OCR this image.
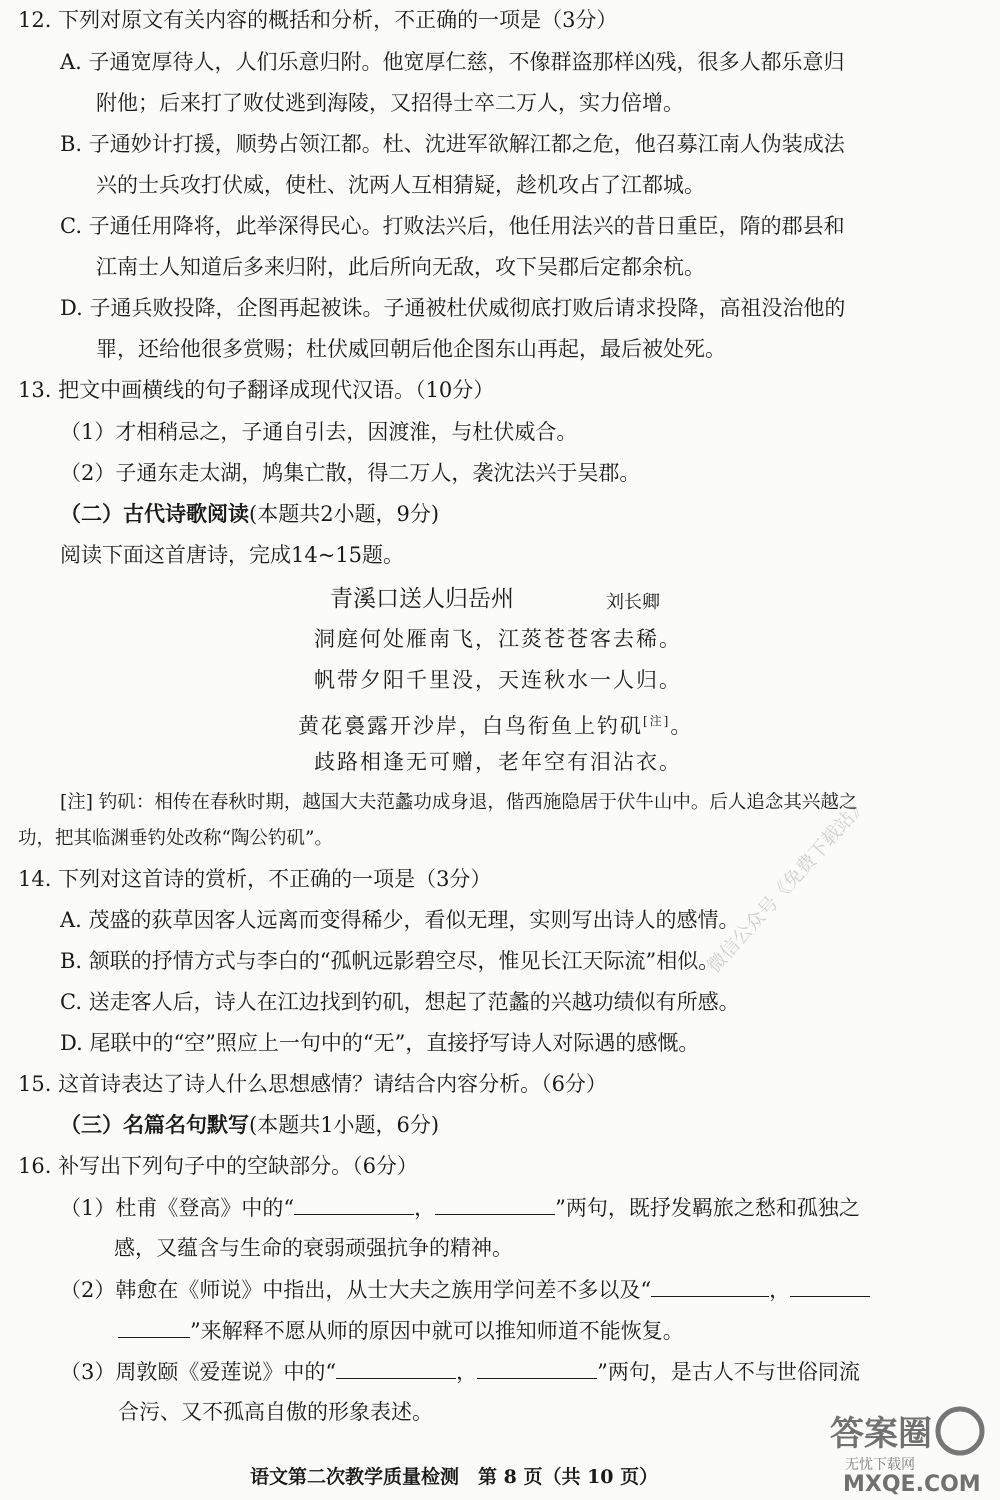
12. 下列对原文有关内容的概括和分析，不正确的一项是（3分）
A. 子通宽厚待人，人们乐意归附。他宽厚仁慈，不像群盗那样凶残，很多人都乐意归
附他；后来打了败仗逃到海陵，又招得士卒二万人，实力倍增。
B. 子通妙计打援，顺势占领江都。杜、沈进军欲解江都之危，他召募江南人伪装成法
兴的士兵攻打伏威，使杜、沈两人互相猜疑，趁机攻占了江都城。
C. 子通任用降将，此举深得民心。打败法兴后，他任用法兴的昔日重臣，隋的郡县和
江南士人知道后多来归附，此后所向无敌，攻下吴郡后定都余杭。
D. 子通兵败投降，企图再起被诛。子通被杜伏威彻底打败后请求投降，高祖没治他的
罪，还给他很多赏赐；杜伏威回朝后他企图东山再起，最后被处死。
13. 把文中画横线的句子翻译成现代汉语。（10分）
（1）才相稍忌之，子通自引去，因渡淮，与杜伏威合。
（2）子通东走太湖，鸠集亡散，得二万人，袭沈法兴于吴郡。
（二）古代诗歌阅读(本题共2小题，9分)
阅读下面这首唐诗，完成14~15题。
青溪口送人归岳州	刘长卿
洞庭何处雁南飞，江菼苍苍客去稀。
帆带夕阳千里没，天连秋水一人归。
黄花裛露开沙岸，白鸟衔鱼上钓矶[注]。
歧路相逢无可赠，老年空有泪沾衣。
[注] 钓矶：相传在春秋时期，越国大夫范蠡功成身退，偕西施隐居于伏牛山中。后人追念其兴越之
功，把其临渊垂钓处改称“陶公钓矶”。
14. 下列对这首诗的赏析，不正确的一项是（3分）
A. 茂盛的荻草因客人远离而变得稀少，看似无理，实则写出诗人的感情。
B. 颔联的抒情方式与李白的“孤帆远影碧空尽，惟见长江天际流”相似。
C. 送走客人后，诗人在江边找到钓矶，想起了范蠡的兴越功绩似有所感。
D. 尾联中的“空”照应上一句中的“无”，直接抒写诗人对际遇的感慨。
15. 这首诗表达了诗人什么思想感情？请结合内容分析。（6分）
（三）名篇名句默写(本题共1小题，6分)
16. 补写出下列句子中的空缺部分。（6分）
（1）杜甫《登高》中的“	，	”两句，既抒发羁旅之愁和孤独之
感，又蕴含与生命的衰弱顽强抗争的精神。
（2）韩愈在《师说》中指出，从士大夫之族用学问差不多以及“	，
”来解释不愿从师的原因中就可以推知师道不能恢复。
（3）周敦颐《爱莲说》中的“	，	”两句，是古人不与世俗同流
合污、又不孤高自傲的形象表述。
语文第二次教学质量检测　第 8 页（共 10 页）
微信公众号《免费下载站》
答案圈
无忧下载网
MXQE.COM
